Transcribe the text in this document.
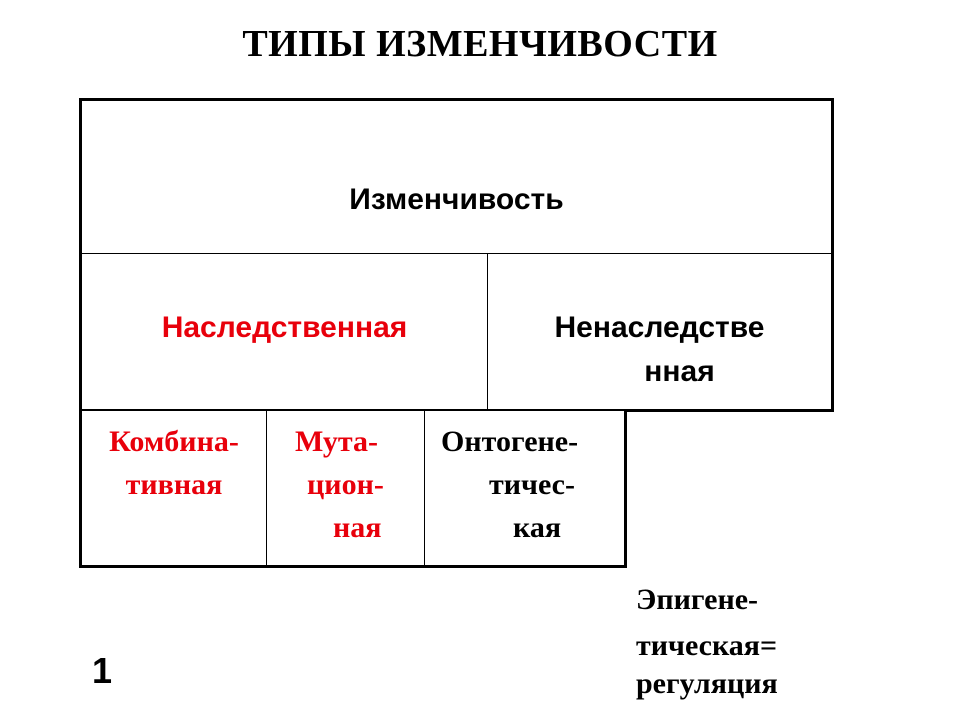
ТИПЫ ИЗМЕНЧИВОСТИ
Изменчивость
Наследственная	Ненаследстве
нная
Комбина-
тивная
Мута-
цион-
ная
Онтогене-
тичес-
кая
Эпигене-
тическая=
регуляция
1
